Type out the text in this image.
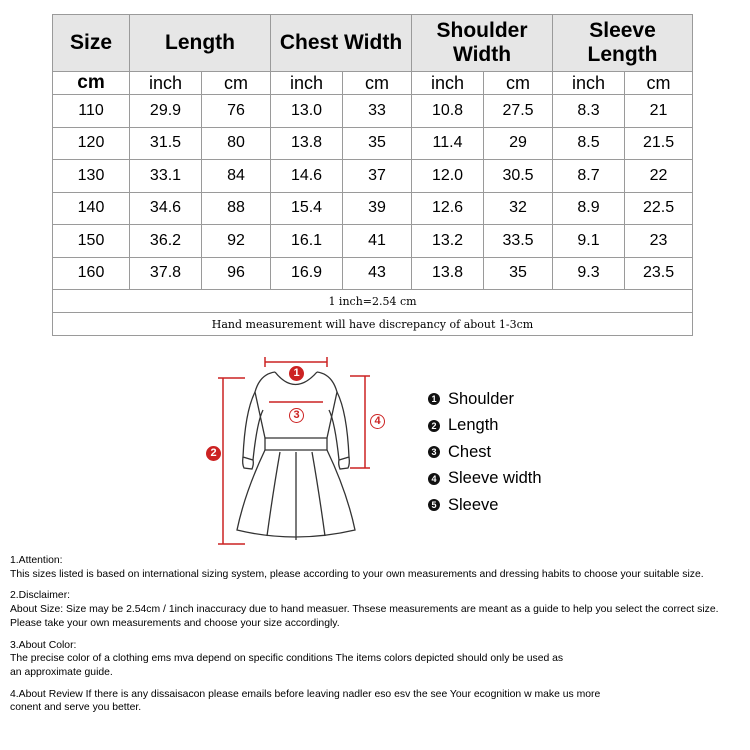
Size	Length		Chest Width		Shoulder Width		Sleeve Length	
cm	inch	cm	inch	cm	inch	cm	inch	cm
110	29.9	76	13.0	33	10.8	27.5	8.3	21
120	31.5	80	13.8	35	11.4	29	8.5	21.5
130	33.1	84	14.6	37	12.0	30.5	8.7	22
140	34.6	88	15.4	39	12.6	32	8.9	22.5
150	36.2	92	16.1	41	13.2	33.5	9.1	23
160	37.8	96	16.9	43	13.8	35	9.3	23.5
1 inch=2.54 cm								
Hand measurement will have discrepancy of about 1-3cm								
1
3
2
4
1 Shoulder
2 Length
3 Chest
4 Sleeve width
5 Sleeve

1.Attention:

This sizes listed is based on international sizing system, please according to your own measurements and dressing habits to choose your suitable size.

2.Disclaimer:

About Size: Size may be 2.54cm / 1inch inaccuracy due to hand measuer. Thsese measurements are meant as a guide to help you select the correct size.

Please take your own measurements and choose your size accordingly.

3.About Color:

The precise color of a clothing ems mva depend on specific conditions The items colors depicted should only be used as

an approximate guide.

4.About Review If there is any dissaisacon please emails before leaving nadler eso esv the see Your ecognition w make us more

conent and serve you better.
